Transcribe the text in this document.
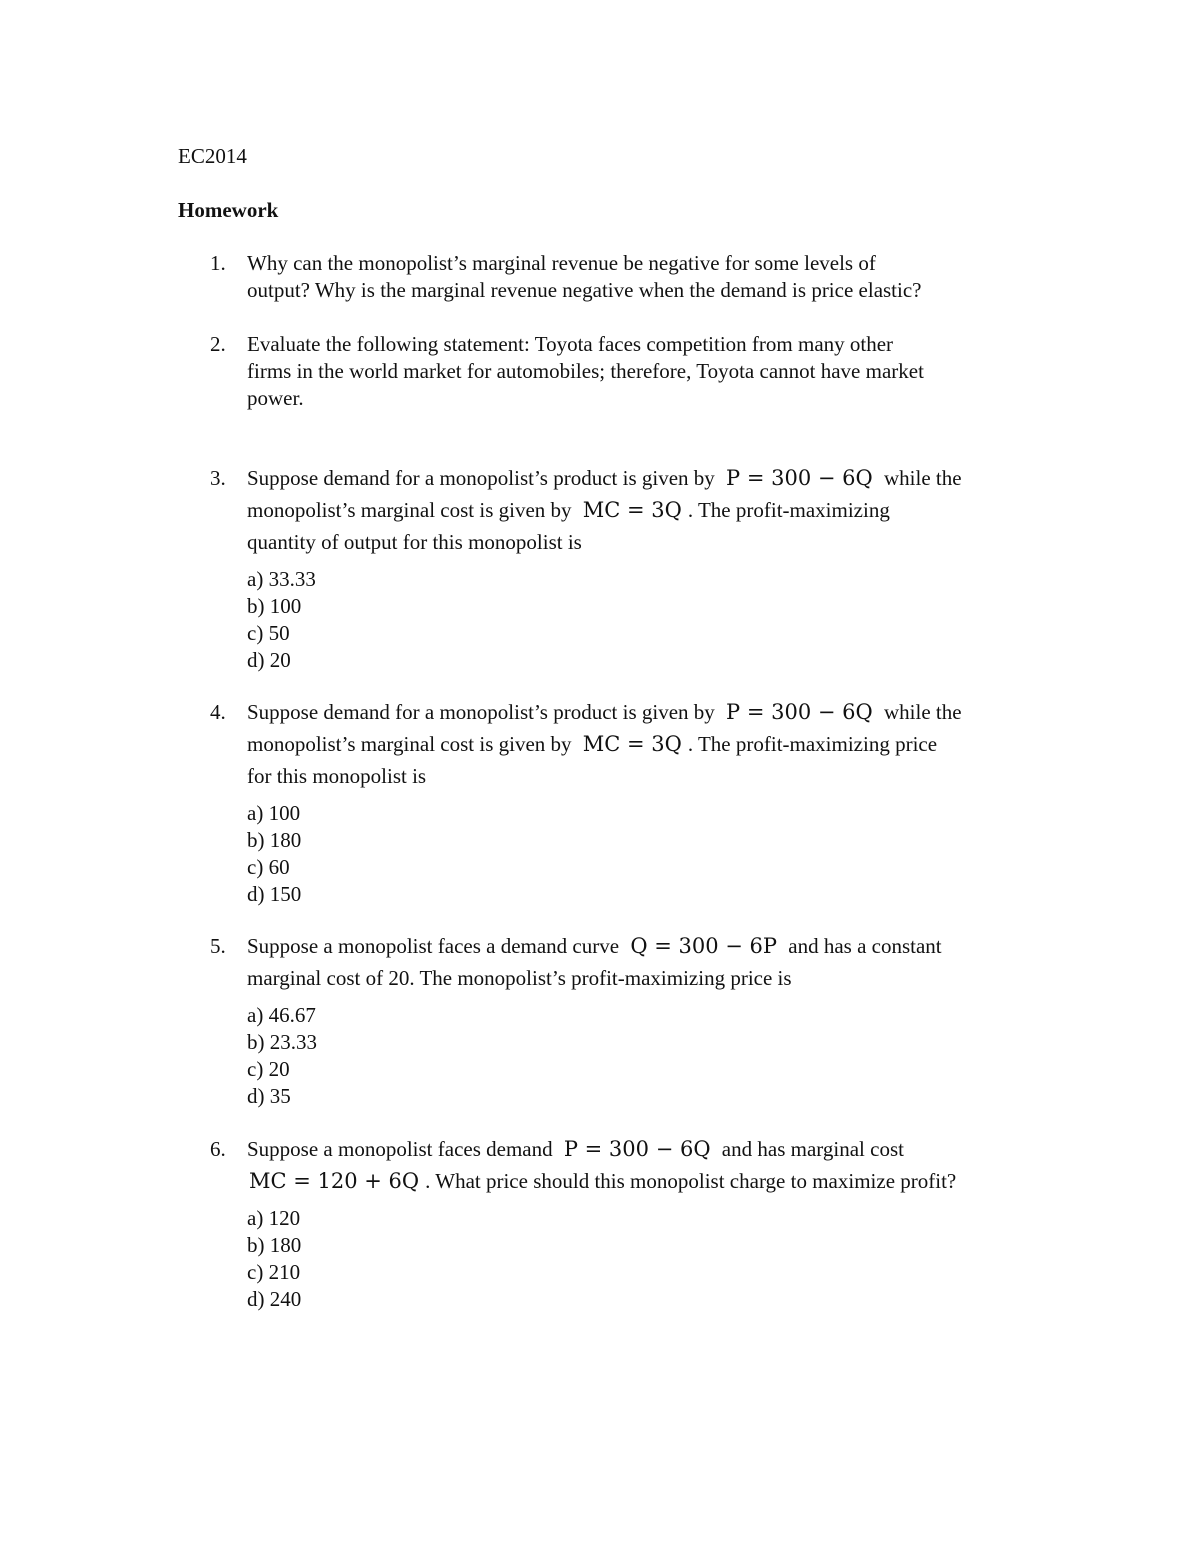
EC2014
Homework
1. Why can the monopolist’s marginal revenue be negative for some levels of
output? Why is the marginal revenue negative when the demand is price elastic?
2. Evaluate the following statement: Toyota faces competition from many other
firms in the world market for automobiles; therefore, Toyota cannot have market
power.
3. Suppose demand for a monopolist’s product is given by P = 300 − 6Q while the
monopolist’s marginal cost is given by MC = 3Q . The profit-maximizing
quantity of output for this monopolist is
a) 33.33
b) 100
c) 50
d) 20
4. Suppose demand for a monopolist’s product is given by P = 300 − 6Q while the
monopolist’s marginal cost is given by MC = 3Q . The profit-maximizing price
for this monopolist is
a) 100
b) 180
c) 60
d) 150
5. Suppose a monopolist faces a demand curve Q = 300 − 6P and has a constant
marginal cost of 20. The monopolist’s profit-maximizing price is
a) 46.67
b) 23.33
c) 20
d) 35
6. Suppose a monopolist faces demand P = 300 − 6Q and has marginal cost
MC = 120 + 6Q . What price should this monopolist charge to maximize profit?
a) 120
b) 180
c) 210
d) 240
